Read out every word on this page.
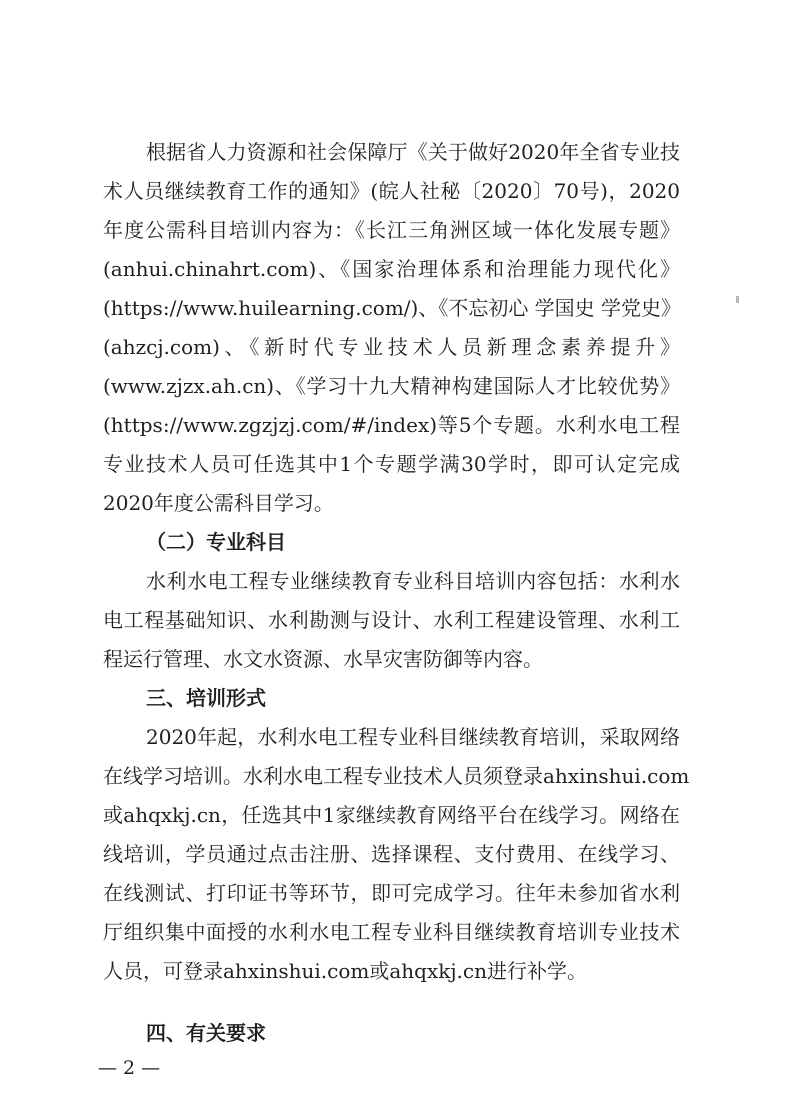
根据省人力资源和社会保障厅《关于做好2020年全省专业技
术人员继续教育工作的通知》(皖人社秘〔2020〕70号)，2020
年度公需科目培训内容为：《长江三角洲区域一体化发展专题》
(anhui.chinahrt.com)、《国家治理体系和治理能力现代化》
(https://www.huilearning.com/)、《不忘初心 学国史 学党史》
(ahzcj.com)、《新时代专业技术人员新理念素养提升》
(www.zjzx.ah.cn)、《学习十九大精神构建国际人才比较优势》
(https://www.zgzjzj.com/#/index)等5个专题。水利水电工程
专业技术人员可任选其中1个专题学满30学时，即可认定完成
2020年度公需科目学习。
（二）专业科目
水利水电工程专业继续教育专业科目培训内容包括：水利水
电工程基础知识、水利勘测与设计、水利工程建设管理、水利工
程运行管理、水文水资源、水旱灾害防御等内容。
三、培训形式
2020年起，水利水电工程专业科目继续教育培训，采取网络
在线学习培训。水利水电工程专业技术人员须登录ahxinshui.com
或ahqxkj.cn，任选其中1家继续教育网络平台在线学习。网络在
线培训，学员通过点击注册、选择课程、支付费用、在线学习、
在线测试、打印证书等环节，即可完成学习。往年未参加省水利
厅组织集中面授的水利水电工程专业科目继续教育培训专业技术
人员，可登录ahxinshui.com或ahqxkj.cn进行补学。
四、有关要求
— 2 —
